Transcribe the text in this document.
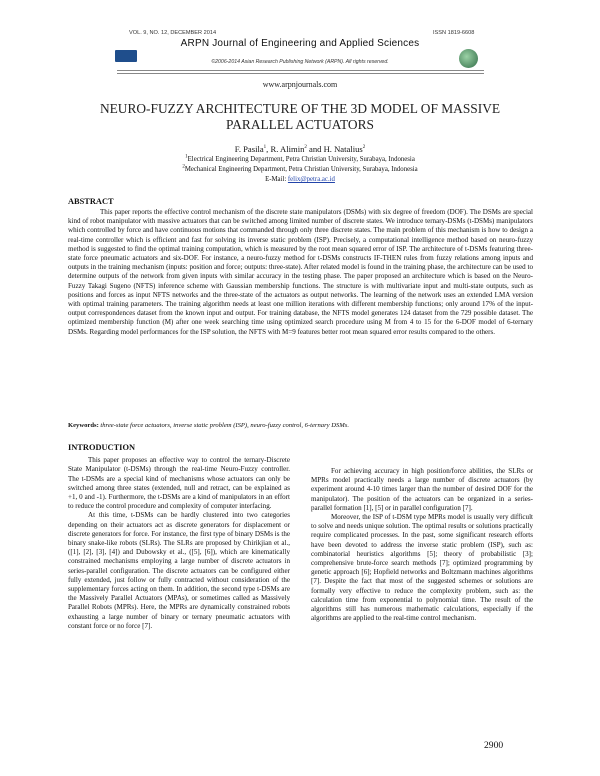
VOL. 9, NO. 12, DECEMBER 2014	ISSN 1819-6608
ARPN Journal of Engineering and Applied Sciences
©2006-2014 Asian Research Publishing Network (ARPN). All rights reserved.
www.arpnjournals.com
NEURO-FUZZY ARCHITECTURE OF THE 3D MODEL OF MASSIVE
PARALLEL ACTUATORS
F. Pasila$^1$, R. Alimin$^2$ and H. Natalius$^2$
$^1$Electrical Engineering Department, Petra Christian University, Surabaya, Indonesia
$^2$Mechanical Engineering Department, Petra Christian University, Surabaya, Indonesia
E-Mail: felix@petra.ac.id
ABSTRACT
This paper reports the effective control mechanism of the discrete state manipulators (DSMs) with six degree of freedom (DOF). The DSMs are special kind of robot manipulator with massive actuators that can be switched among limited number of discrete states. We introduce ternary-DSMs (t-DSMs) manipulators which controlled by force and have continuous motions that commanded through only three discrete states. The main problem of this mechanism is how to design a real-time controller which is efficient and fast for solving its inverse static problem (ISP). Precisely, a computational intelligence method based on neuro-fuzzy method is suggested to find the optimal training computation, which is measured by the root mean squared error of ISP. The architecture of t-DSMs featuring three-state force pneumatic actuators and six-DOF. For instance, a neuro-fuzzy method for t-DSMs constructs IF-THEN rules from fuzzy relations among inputs and outputs in the training mechanism (inputs: position and force; outputs: three-state). After related model is found in the training phase, the architecture can be used to determine outputs of the network from given inputs with similar accuracy in the testing phase. The paper proposed an architecture which is based on the Neuro-Fuzzy Takagi Sugeno (NFTS) inference scheme with Gaussian membership functions. The structure is with multivariate input and multi-state outputs, such as positions and forces as input NFTS networks and the three-state of the actuators as output networks. The learning of the network uses an extended LMA version with optimal training parameters. The training algorithm needs at least one million iterations with different membership functions; only around 17% of the input-output correspondences dataset from the known input and output. For training database, the NFTS model generates 124 dataset from the 729 possible dataset. The optimized membership function (M) after one week searching time using optimized search procedure using M from 4 to 15 for the 6-DOF model of 6-ternary DSMs. Regarding model performances for the ISP solution, the NFTS with M=9 features better root mean squared error results compared to the others.
Keywords: three-state force actuators, inverse static problem (ISP), neuro-fuzzy control, 6-ternary DSMs.
INTRODUCTION

This paper proposes an effective way to control the ternary-Discrete State Manipulator (t-DSMs) through the real-time Neuro-Fuzzy controller. The t-DSMs are a special kind of mechanisms whose actuators can only be switched among three states (extended, null and retract, can be explained as +1, 0 and -1). Furthermore, the t-DSMs are a kind of manipulators in an effort to reduce the control procedure and complexity of computer interfacing.

At this time, t-DSMs can be hardly clustered into two categories depending on their actuators act as discrete generators for displacement or discrete generators for force. For instance, the first type of binary DSMs is the binary snake-like robots (SLRs). The SLRs are proposed by Chirikjian et al., ([1], [2], [3], [4]) and Dubowsky et al., ([5], [6]), which are kinematically constrained mechanisms employing a large number of discrete actuators in series-parallel configuration. The discrete actuators can be configured either fully extended, just follow or fully contracted without consideration of the supplementary forces acting on them. In addition, the second type t-DSMs are the Massively Parallel Actuators (MPAs), or sometimes called as Massively Parallel Robots (MPRs). Here, the MPRs are dynamically constrained robots exhausting a large number of binary or ternary pneumatic actuators with constant force or no force [7].

For achieving accuracy in high position/force abilities, the SLRs or MPRs model practically needs a large number of discrete actuators (by experiment around 4-10 times larger than the number of desired DOF for the manipulator). The position of the actuators can be organized in a series-parallel formation [1], [5] or in parallel configuration [7].

Moreover, the ISP of t-DSM type MPRs model is usually very difficult to solve and needs unique solution. The optimal results or solutions practically require complicated processes. In the past, some significant research efforts have been devoted to address the inverse static problem (ISP), such as: combinatorial heuristics algorithms [5]; theory of probabilistic [3]; comprehensive brute-force search methods [7]; optimized programming by genetic approach [6]; Hopfield networks and Boltzmann machines algorithms [7]. Despite the fact that most of the suggested schemes or solutions are formally very effective to reduce the complexity problem, such as: the calculation time from exponential to polynomial time. The result of the algorithms still has numerous mathematic calculations, especially if the algorithms are applied to the real-time control mechanism.

2900
